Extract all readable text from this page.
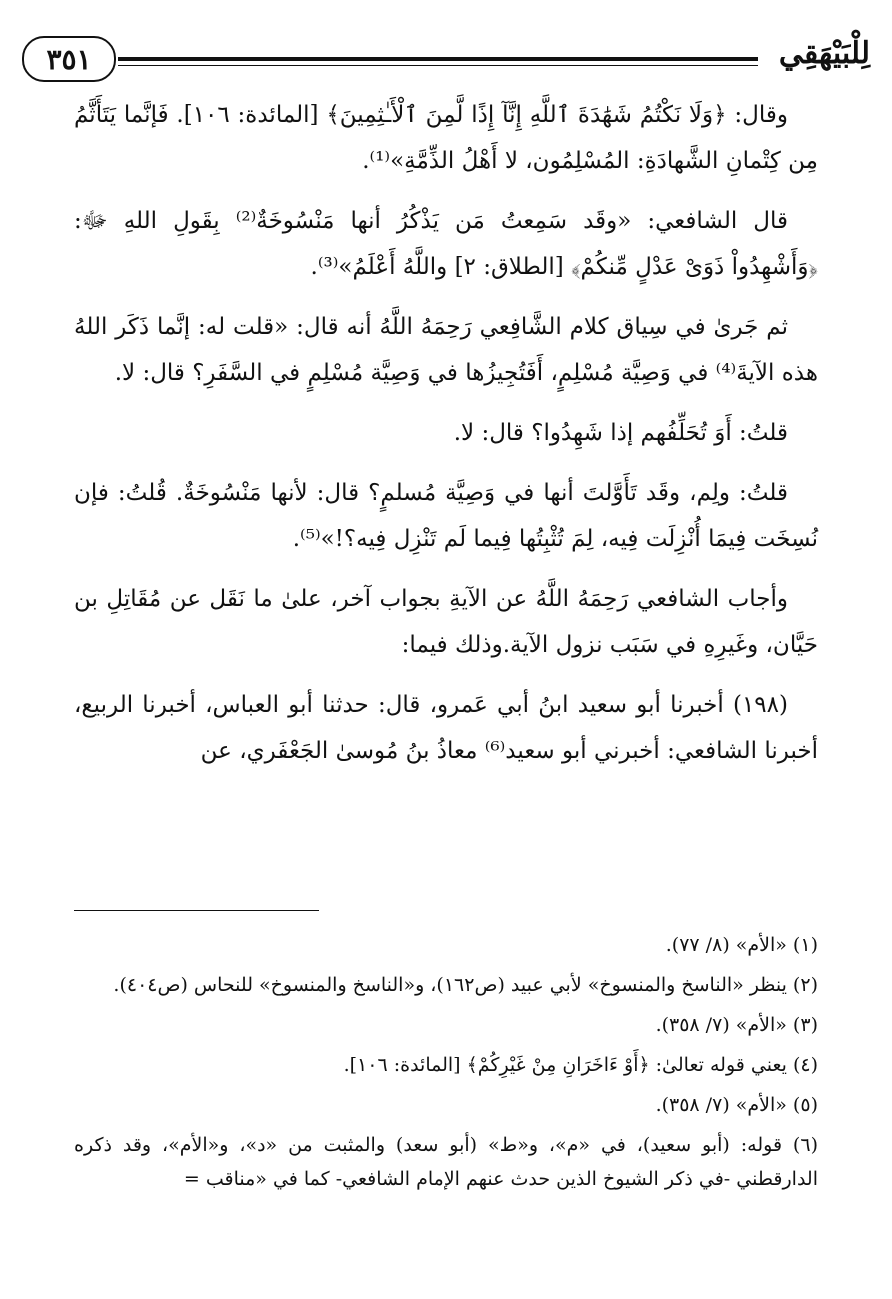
٣٥١	لِلْبَيْهَقِي

وقال: ﴿وَلَا نَكْتُمُ شَهَٰدَةَ ٱللَّهِ إِنَّآ إِذًا لَّمِنَ ٱلْأَـٰثِمِينَ﴾ [المائدة: ١٠٦]. فَإنَّما يَتَأَثَّمُ مِن كِتْمانِ الشَّهادَةِ: المُسْلِمُون، لا أَهْلُ الذِّمَّةِ»⁽¹⁾.

قال الشافعي: «وقَد سَمِعتُ مَن يَذْكُرُ أنها مَنْسُوخَةٌ⁽²⁾ بِقَولِ اللهِ ﷻ: ﴿وَأَشْهِدُواْ ذَوَىْ عَدْلٍ مِّنكُمْ﴾ [الطلاق: ٢] واللَّهُ أَعْلَمُ»⁽³⁾.

ثم جَرىٰ في سِياق كلام الشَّافِعي رَحِمَهُ اللَّهُ أنه قال: «قلت له: إنَّما ذَكَر اللهُ هذه الآيةَ⁽⁴⁾ في وَصِيَّة مُسْلِمٍ، أَفَتُجِيزُها في وَصِيَّة مُسْلِمٍ في السَّفَرِ؟ قال: لا.

قلتُ: أَوَ تُحَلِّفُهم إذا شَهِدُوا؟ قال: لا.

قلتُ: ولِم، وقَد تَأَوَّلتَ أنها في وَصِيَّة مُسلمٍ؟ قال: لأنها مَنْسُوخَةٌ. قُلتُ: فإن نُسِخَت فِيمَا أُنْزِلَت فِيه، لِمَ تُثْبِتُها فِيما لَم تَنْزِل فِيه؟!»⁽⁵⁾.

وأجاب الشافعي رَحِمَهُ اللَّهُ عن الآيةِ بجواب آخر، علىٰ ما نَقَل عن مُقَاتِلِ بن حَيَّان، وغَيرِهِ في سَبَب نزول الآية.وذلك فيما:

(١٩٨) أخبرنا أبو سعيد ابنُ أبي عَمرو، قال: حدثنا أبو العباس، أخبرنا الربيع، أخبرنا الشافعي: أخبرني أبو سعيد⁽⁶⁾ معاذُ بنُ مُوسىٰ الجَعْفَري، عن

(١) «الأم» (٨/ ٧٧).
(٢) ينظر «الناسخ والمنسوخ» لأبي عبيد (ص١٦٢)، و«الناسخ والمنسوخ» للنحاس (ص٤٠٤).
(٣) «الأم» (٧/ ٣٥٨).
(٤) يعني قوله تعالىٰ: ﴿أَوْ ءَاخَرَانِ مِنْ غَيْرِكُمْ﴾ [المائدة: ١٠٦].
(٥) «الأم» (٧/ ٣٥٨).
(٦) قوله: (أبو سعيد)، في «م»، و«ط» (أبو سعد) والمثبت من «د»، و«الأم»، وقد ذكره الدارقطني -في ذكر الشيوخ الذين حدث عنهم الإمام الشافعي- كما في «مناقب =
